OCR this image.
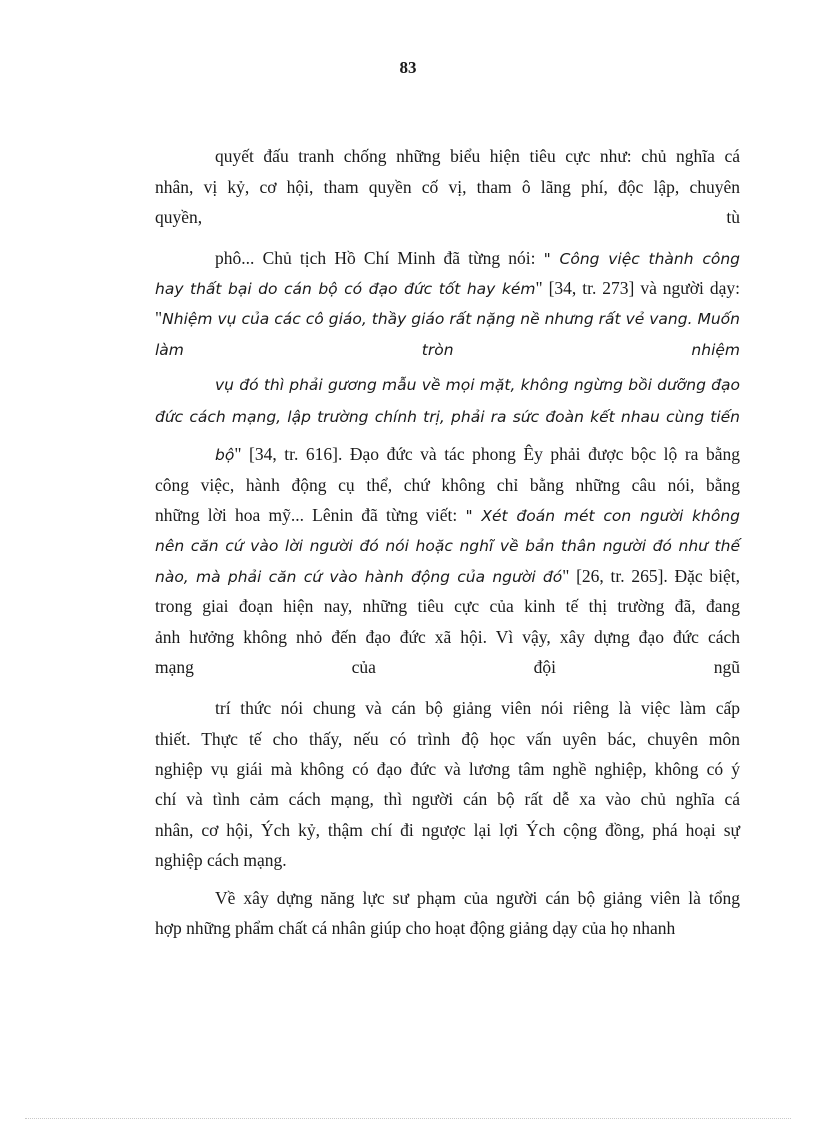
83
quyết đấu tranh chống những biểu hiện tiêu cực như: chủ nghĩa cá
nhân, vị kỷ, cơ hội, tham quyền cố vị, tham ô lãng phí, độc lập, chuyên
quyền,	tù
phô... Chủ tịch Hồ Chí Minh đã từng nói: " Công việc thành công
hay thất bại do cán bộ có đạo đức tốt hay kém" [34, tr. 273] và người dạy:
"Nhiệm vụ của các cô giáo, thầy giáo rất nặng nề nhưng rất vẻ vang. Muốn
làm	tròn	nhiệm
vụ đó thì phải gương mẫu về mọi mặt, không ngừng bồi dưỡng đạo
đức cách mạng, lập trường chính trị, phải ra sức đoàn kết nhau cùng tiến
bộ" [34, tr. 616]. Đạo đức và tác phong Êy phải được bộc lộ ra bằng
công việc, hành động cụ thể, chứ không chỉ bằng những câu nói, bằng
những lời hoa mỹ... Lênin đã từng viết: " Xét đoán mét con người không
nên căn cứ vào lời người đó nói hoặc nghĩ về bản thân người đó như thế
nào, mà phải căn cứ vào hành động của người đó" [26, tr. 265]. Đặc biệt,
trong giai đoạn hiện nay, những tiêu cực của kinh tế thị trường đã, đang
ảnh hưởng không nhỏ đến đạo đức xã hội. Vì vậy, xây dựng đạo đức cách
mạng	của	đội	ngũ
trí thức nói chung và cán bộ giảng viên nói riêng là việc làm cấp
thiết. Thực tế cho thấy, nếu có trình độ học vấn uyên bác, chuyên môn
nghiệp vụ giái mà không có đạo đức và lương tâm nghề nghiệp, không có ý
chí và tình cảm cách mạng, thì người cán bộ rất dễ xa vào chủ nghĩa cá
nhân, cơ hội, Ých kỷ, thậm chí đi ngược lại lợi Ých cộng đồng, phá hoại sự
nghiệp cách mạng.
Về xây dựng năng lực sư phạm của người cán bộ giảng viên là tổng
hợp những phẩm chất cá nhân giúp cho hoạt động giảng dạy của họ nhanh
